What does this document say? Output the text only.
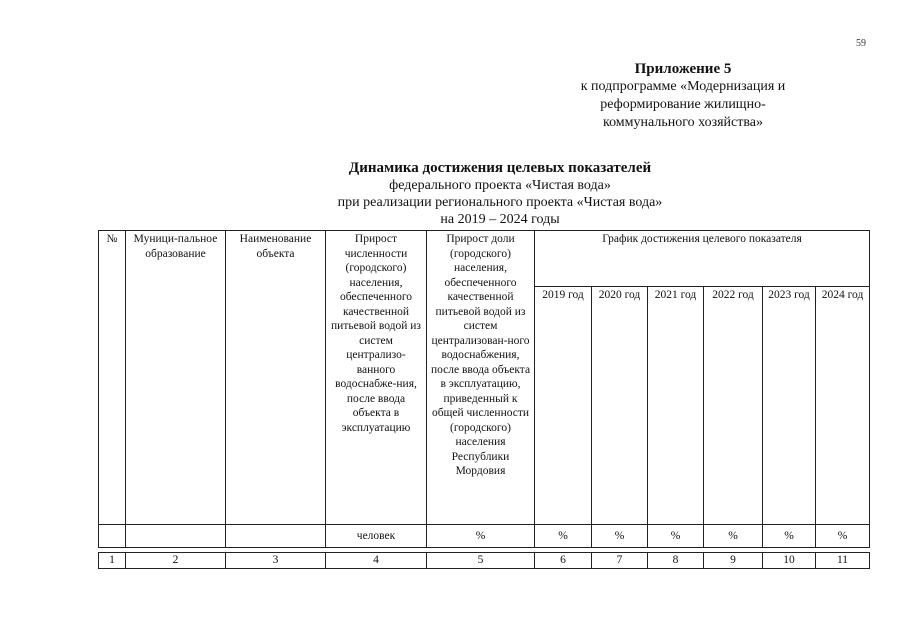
59
Приложение 5
к подпрограмме «Модернизация и
реформирование жилищно-
коммунального хозяйства»
Динамика достижения целевых показателей
федерального проекта «Чистая вода»
при реализации регионального проекта «Чистая вода»
на 2019 – 2024 годы
№	Муници-пальное образование	Наименование объекта	Прирост численности (городского) населения, обеспеченного качественной питьевой водой из систем централизо-ванного водоснабже-ния, после ввода объекта в эксплуатацию	Прирост доли (городского) населения, обеспеченного качественной питьевой водой из систем централизован-ного водоснабжения, после ввода объекта в эксплуатацию, приведенный к общей численности (городского) населения Республики Мордовия	График достижения целевого показателя					
					2019 год	2020 год	2021 год	2022 год	2023 год	2024 год
			человек	%	%	%	%	%	%	%

1	2	3	4	5	6	7	8	9	10	11
